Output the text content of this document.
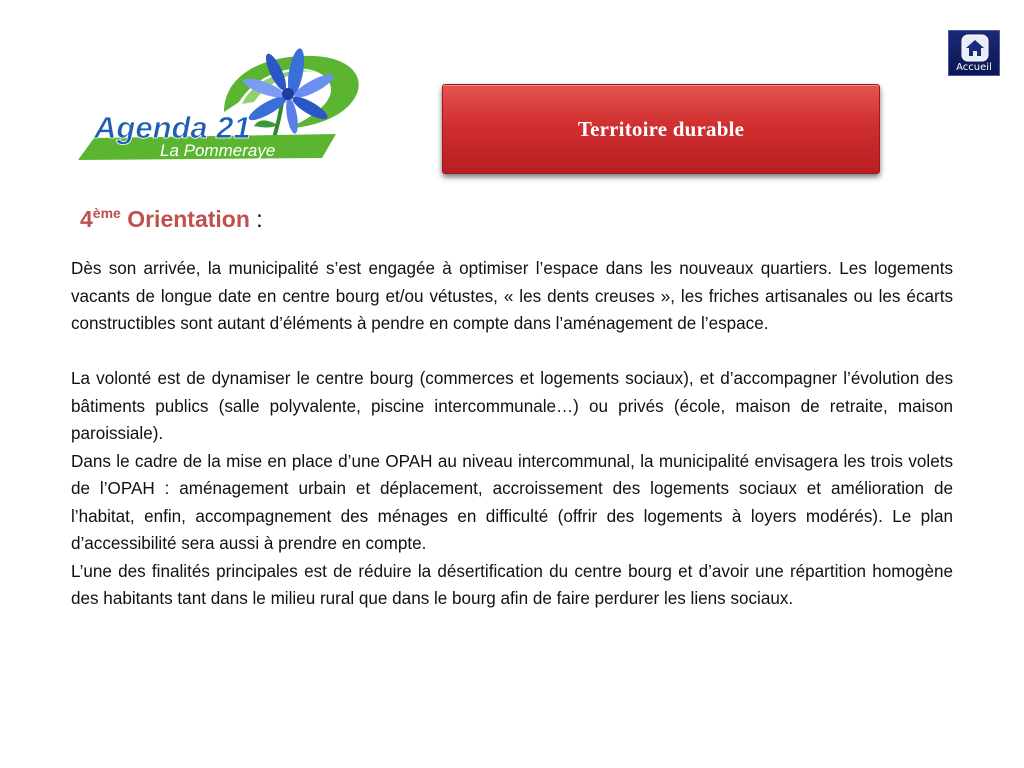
Agenda 21
La Pommeraye
Accueil
Territoire durable
4ème Orientation :

Dès son arrivée, la municipalité s’est engagée à optimiser l’espace dans les nouveaux quartiers. Les logements vacants de longue date en centre bourg et/ou vétustes, « les dents creuses », les friches artisanales ou les écarts constructibles sont autant d’éléments à pendre en compte dans l’aménagement de l’espace.

La volonté est de dynamiser le centre bourg (commerces et logements sociaux), et d’accompagner l’évolution des bâtiments publics (salle polyvalente, piscine intercommunale…) ou privés (école, maison de retraite, maison paroissiale).

Dans le cadre de la mise en place d’une OPAH au niveau intercommunal, la municipalité envisagera les trois volets de l’OPAH : aménagement urbain et déplacement, accroissement des logements sociaux et amélioration de l’habitat, enfin, accompagnement des ménages en difficulté (offrir des logements à loyers modérés). Le plan d’accessibilité sera aussi à prendre en compte.

L’une des finalités principales est de réduire la désertification du centre bourg et d’avoir une répartition homogène des habitants tant dans le milieu rural que dans le bourg afin de faire perdurer les liens sociaux.
